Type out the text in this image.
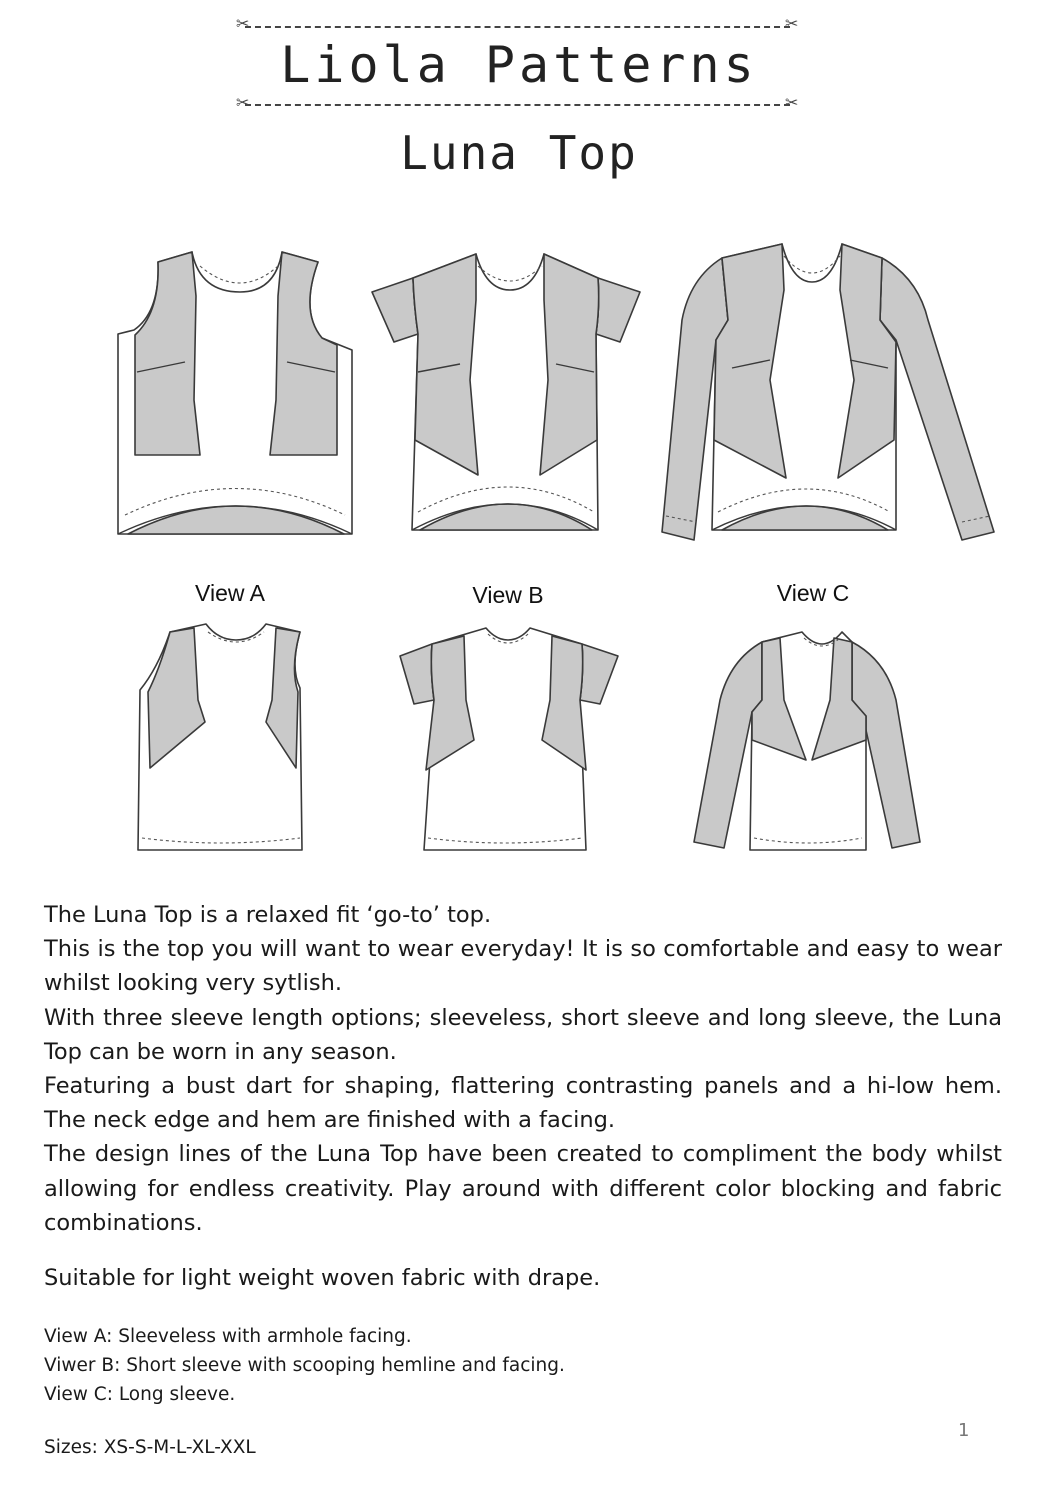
✂	✂
Liola Patterns
✂	✂
Luna Top
View A	View B	View C

The Luna Top is a relaxed fit ‘go-to’ top.

This is the top you will want to wear everyday! It is so comfortable and easy to wear whilst looking very sytlish.

With three sleeve length options; sleeveless, short sleeve and long sleeve, the Luna Top can be worn in any season.

Featuring a bust dart for shaping, flattering contrasting panels and a hi-low hem. The neck edge and hem are finished with a facing.

The design lines of the Luna Top have been created to compliment the body whilst allowing for endless creativity. Play around with different color blocking and fabric combinations.

Suitable for light weight woven fabric with drape.
View A: Sleeveless with armhole facing.
Viwer B: Short sleeve with scooping hemline and facing.
View C: Long sleeve.
Sizes: XS-S-M-L-XL-XXL
1
